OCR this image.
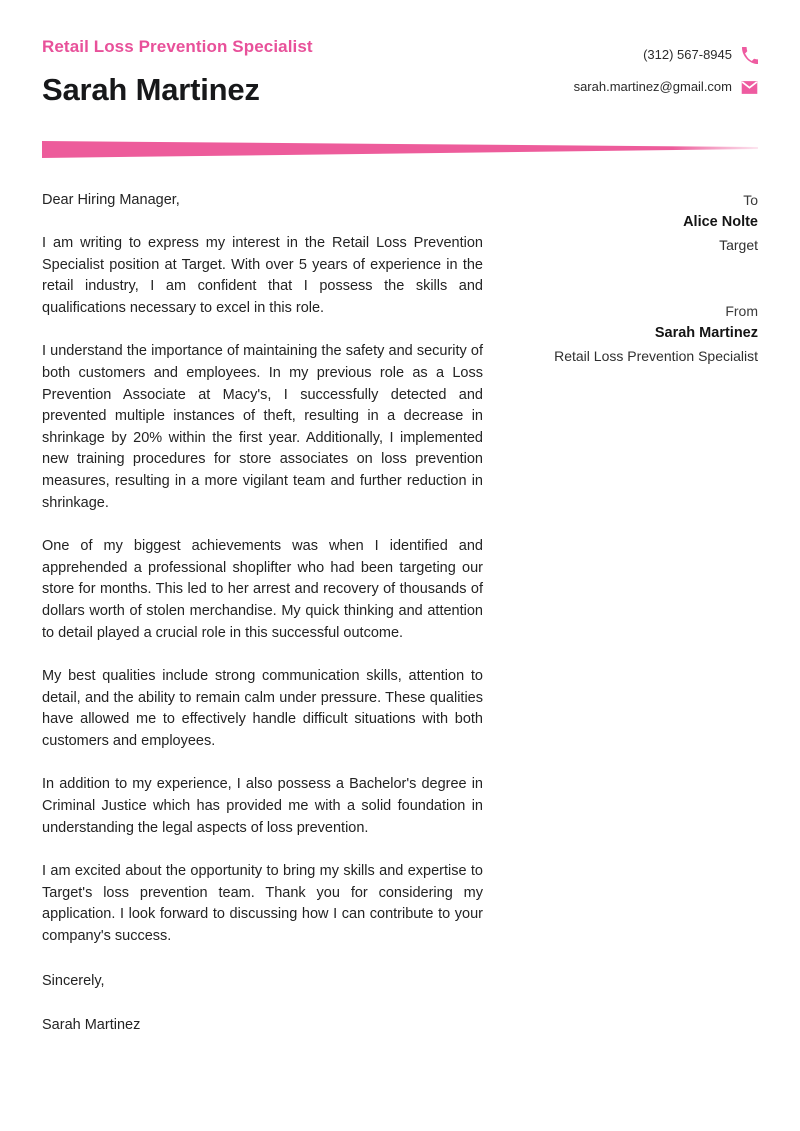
Retail Loss Prevention Specialist
Sarah Martinez
(312) 567-8945
sarah.martinez@gmail.com

Dear Hiring Manager,

I am writing to express my interest in the Retail Loss Prevention Specialist position at Target. With over 5 years of experience in the retail industry, I am confident that I possess the skills and qualifications necessary to excel in this role.

I understand the importance of maintaining the safety and security of both customers and employees. In my previous role as a Loss Prevention Associate at Macy's, I successfully detected and prevented multiple instances of theft, resulting in a decrease in shrinkage by 20% within the first year. Additionally, I implemented new training procedures for store associates on loss prevention measures, resulting in a more vigilant team and further reduction in shrinkage.

One of my biggest achievements was when I identified and apprehended a professional shoplifter who had been targeting our store for months. This led to her arrest and recovery of thousands of dollars worth of stolen merchandise. My quick thinking and attention to detail played a crucial role in this successful outcome.

My best qualities include strong communication skills, attention to detail, and the ability to remain calm under pressure. These qualities have allowed me to effectively handle difficult situations with both customers and employees.

In addition to my experience, I also possess a Bachelor's degree in Criminal Justice which has provided me with a solid foundation in understanding the legal aspects of loss prevention.

I am excited about the opportunity to bring my skills and expertise to Target's loss prevention team. Thank you for considering my application. I look forward to discussing how I can contribute to your company's success.

Sincerely,

Sarah Martinez

To
Alice Nolte
Target
From
Sarah Martinez
Retail Loss Prevention Specialist
